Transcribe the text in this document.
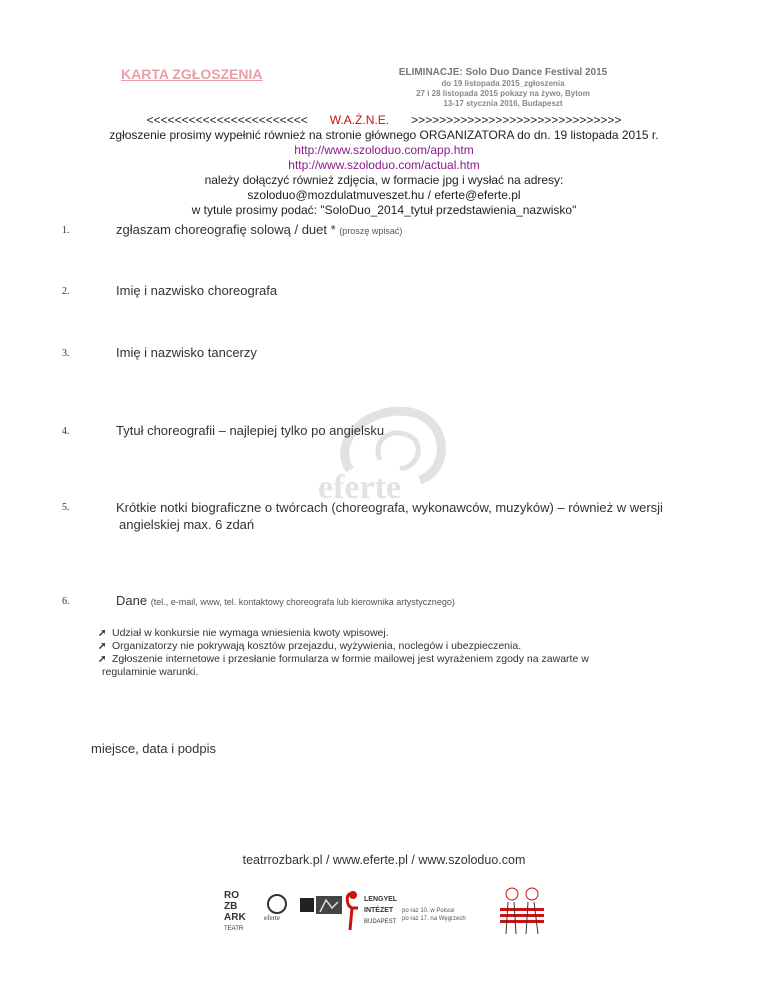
KARTA ZGŁOSZENIA	ELIMINACJE: Solo Duo Dance Festival 2015
do 19 listopada 2015_zgłoszenia
27 i 28 listopada 2015 pokazy na żywo, Bytom
13-17 stycznia 2016, Budapeszt
<<<<<<<<<<<<<<<<<<<<<<< W.A.Ż.N.E. >>>>>>>>>>>>>>>>>>>>>>>>>>>>>>
zgłoszenie prosimy wypełnić również na stronie głównego ORGANIZATORA do dn. 19 listopada 2015 r.
http://www.szoloduo.com/app.htm
http://www.szoloduo.com/actual.htm
należy dołączyć również zdjęcia, w formacie jpg i wysłać na adresy:
szoloduo@mozdulatmuveszet.hu / eferte@eferte.pl
w tytule prosimy podać: "SoloDuo_2014_tytuł przedstawienia_nazwisko"
eferte
1.	zgłaszam choreografię solową / duet * (proszę wpisać)
2.	Imię i nazwisko choreografa
3.	Imię i nazwisko tancerzy
4.	Tytuł choreografii – najlepiej tylko po angielsku
5.	Krótkie notki biograficzne o twórcach (choreografa, wykonawców, muzyków) – również w wersji
angielskiej max. 6 zdań
6.	Dane (tel., e-mail, www, tel. kontaktowy choreografa lub kierownika artystycznego)
➚ Udział w konkursie nie wymaga wniesienia kwoty wpisowej.
➚ Organizatorzy nie pokrywają kosztów przejazdu, wyżywienia, noclegów i ubezpieczenia.
➚ Zgłoszenie internetowe i przesłanie formularza w formie mailowej jest wyrażeniem zgody na zawarte w
regulaminie warunki.
miejsce, data i podpis
teatrrozbark.pl / www.eferte.pl / www.szoloduo.com
RO
ZB
ARK
TEATR
eferte
LENGYEL
INTÉZET
BUDAPEST
po raz 10. w Polsce
po raz 17. na Węgrzech
